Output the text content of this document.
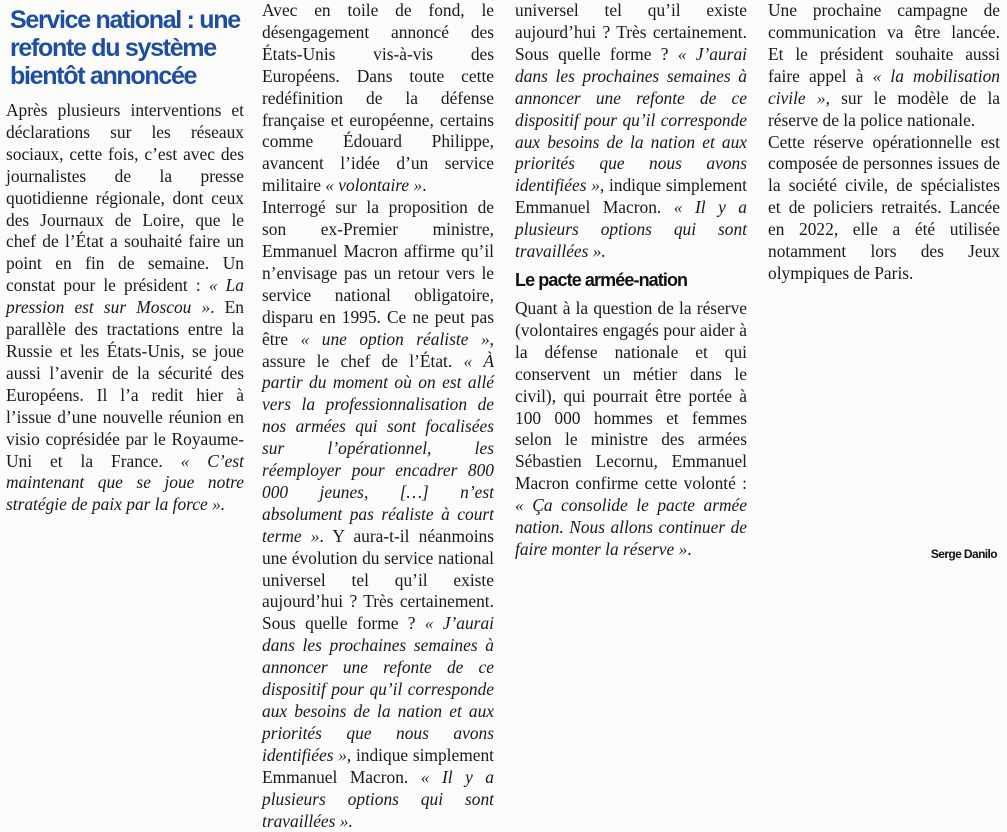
Service national : une refonte du système bientôt annoncée
Après plusieurs interventions et déclarations sur les réseaux sociaux, cette fois, c’est avec des journalistes de la presse quotidienne régionale, dont ceux des Journaux de Loire, que le chef de l’État a souhaité faire un point en fin de semaine. Un constat pour le président : « La pression est sur Moscou ». En parallèle des tractations entre la Russie et les États-Unis, se joue aussi l’avenir de la sécurité des Européens. Il l’a redit hier à l’issue d’une nouvelle réunion en visio coprésidée par le Royaume-Uni et la France. « C’est maintenant que se joue notre stratégie de paix par la force ».
Avec en toile de fond, le désengagement annoncé des États-Unis vis-à-vis des Européens. Dans toute cette redéfinition de la défense française et européenne, certains comme Édouard Philippe, avancent l’idée d’un service militaire « volontaire ».
Interrogé sur la proposition de son ex-Premier ministre, Emmanuel Macron affirme qu’il n’envisage pas un retour vers le service national obligatoire, disparu en 1995. Ce ne peut pas être « une option réaliste », assure le chef de l’État. « À partir du moment où on est allé vers la professionnalisation de nos armées qui sont focalisées sur l’opérationnel, les réemployer pour encadrer 800 000 jeunes, […] n’est absolument pas réaliste à court terme ». Y aura-t-il néanmoins une évolution du service national universel tel qu’il existe aujourd’hui ? Très certainement. Sous quelle forme ? « J’aurai dans les prochaines semaines à annoncer une refonte de ce dispositif pour qu’il corresponde aux besoins de la nation et aux priorités que nous avons identifiées », indique simplement Emmanuel Macron. « Il y a plusieurs options qui sont travaillées ».
universel tel qu’il existe aujourd’hui ? Très certainement. Sous quelle forme ? « J’aurai dans les prochaines semaines à annoncer une refonte de ce dispositif pour qu’il corresponde aux besoins de la nation et aux priorités que nous avons identifiées », indique simplement Emmanuel Macron. « Il y a plusieurs options qui sont travaillées ».
Le pacte armée-nation
Quant à la question de la réserve (volontaires engagés pour aider à la défense nationale et qui conservent un métier dans le civil), qui pourrait être portée à 100 000 hommes et femmes selon le ministre des armées Sébastien Lecornu, Emmanuel Macron confirme cette volonté : « Ça consolide le pacte armée nation. Nous allons continuer de faire monter la réserve ».
Une prochaine campagne de communication va être lancée. Et le président souhaite aussi faire appel à « la mobilisation civile », sur le modèle de la réserve de la police nationale.
Cette réserve opérationnelle est composée de personnes issues de la société civile, de spécialistes et de policiers retraités. Lancée en 2022, elle a été utilisée notamment lors des Jeux olympiques de Paris.
Serge Danilo
